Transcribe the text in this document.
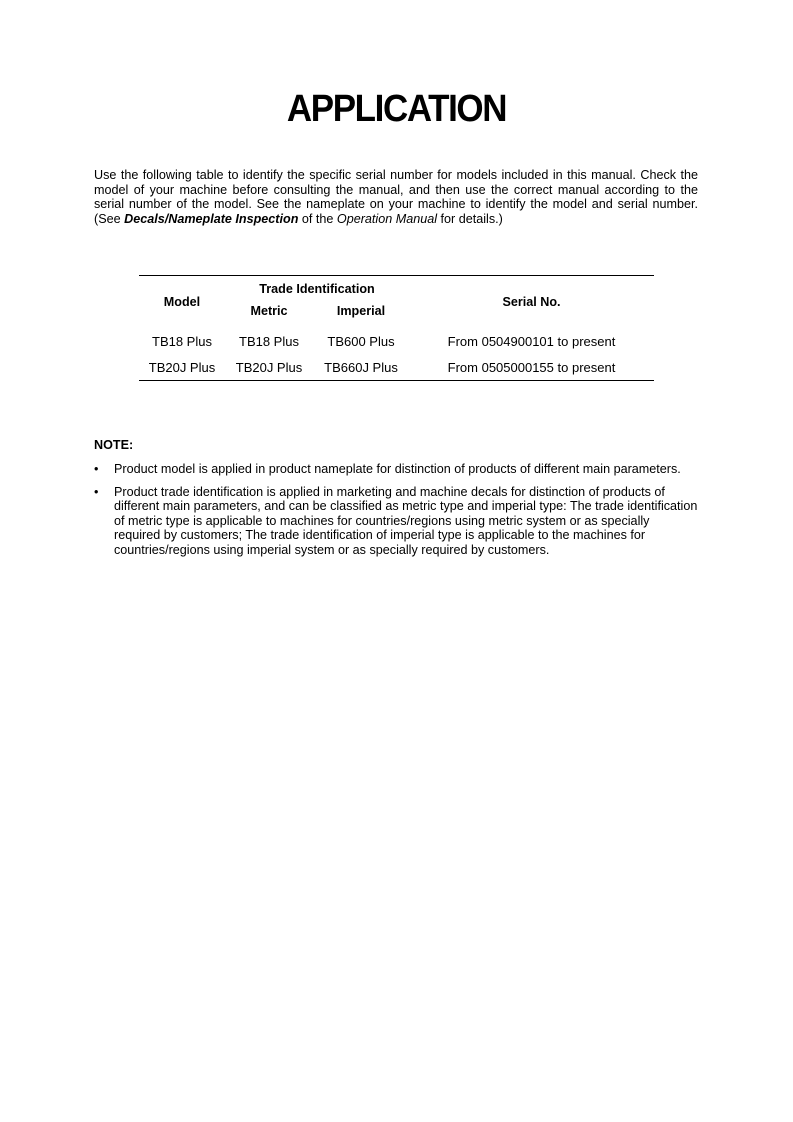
APPLICATION

Use the following table to identify the specific serial number for models included in this manual. Check the model of your machine before consulting the manual, and then use the correct manual according to the serial number of the model. See the nameplate on your machine to identify the model and serial number. (See Decals/Nameplate Inspection of the Operation Manual for details.)

Model	Trade Identification		Serial No.
	Metric	Imperial	
TB18 Plus	TB18 Plus	TB600 Plus	From 0504900101 to present
TB20J Plus	TB20J Plus	TB660J Plus	From 0505000155 to present

NOTE:

• Product model is applied in product nameplate for distinction of products of different main parameters.
• Product trade identification is applied in marketing and machine decals for distinction of products of different main parameters, and can be classified as metric type and imperial type: The trade identification of metric type is applicable to machines for countries/regions using metric system or as specially required by customers; The trade identification of imperial type is applicable to the machines for countries/regions using imperial system or as specially required by customers.
